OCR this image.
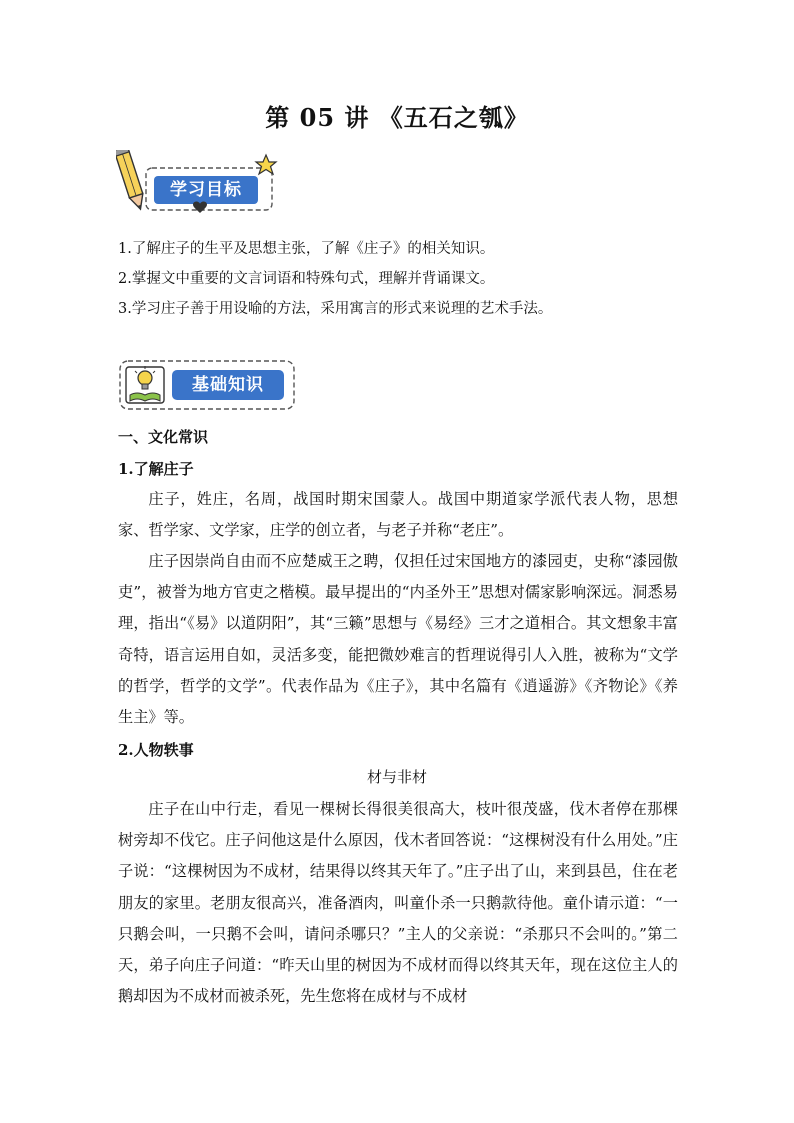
第 05 讲 《五石之瓠》
学习目标
1.了解庄子的生平及思想主张，了解《庄子》的相关知识。
2.掌握文中重要的文言词语和特殊句式，理解并背诵课文。
3.学习庄子善于用设喻的方法，采用寓言的形式来说理的艺术手法。
基础知识
一、文化常识
1.了解庄子

庄子，姓庄，名周，战国时期宋国蒙人。战国中期道家学派代表人物，思想家、哲学家、文学家，庄学的创立者，与老子并称“老庄”。

庄子因崇尚自由而不应楚威王之聘，仅担任过宋国地方的漆园吏，史称“漆园傲吏”，被誉为地方官吏之楷模。最早提出的“内圣外王”思想对儒家影响深远。洞悉易理，指出“《易》以道阴阳”，其“三籁”思想与《易经》三才之道相合。其文想象丰富奇特，语言运用自如，灵活多变，能把微妙难言的哲理说得引人入胜，被称为“文学的哲学，哲学的文学”。代表作品为《庄子》，其中名篇有《逍遥游》《齐物论》《养生主》等。

2.人物轶事
材与非材

庄子在山中行走，看见一棵树长得很美很高大，枝叶很茂盛，伐木者停在那棵树旁却不伐它。庄子问他这是什么原因，伐木者回答说：“这棵树没有什么用处。”庄子说：“这棵树因为不成材，结果得以终其天年了。”庄子出了山，来到县邑，住在老朋友的家里。老朋友很高兴，准备酒肉，叫童仆杀一只鹅款待他。童仆请示道：“一只鹅会叫，一只鹅不会叫，请问杀哪只？”主人的父亲说：“杀那只不会叫的。”第二天，弟子向庄子问道：“昨天山里的树因为不成材而得以终其天年，现在这位主人的鹅却因为不成材而被杀死，先生您将在成材与不成材
